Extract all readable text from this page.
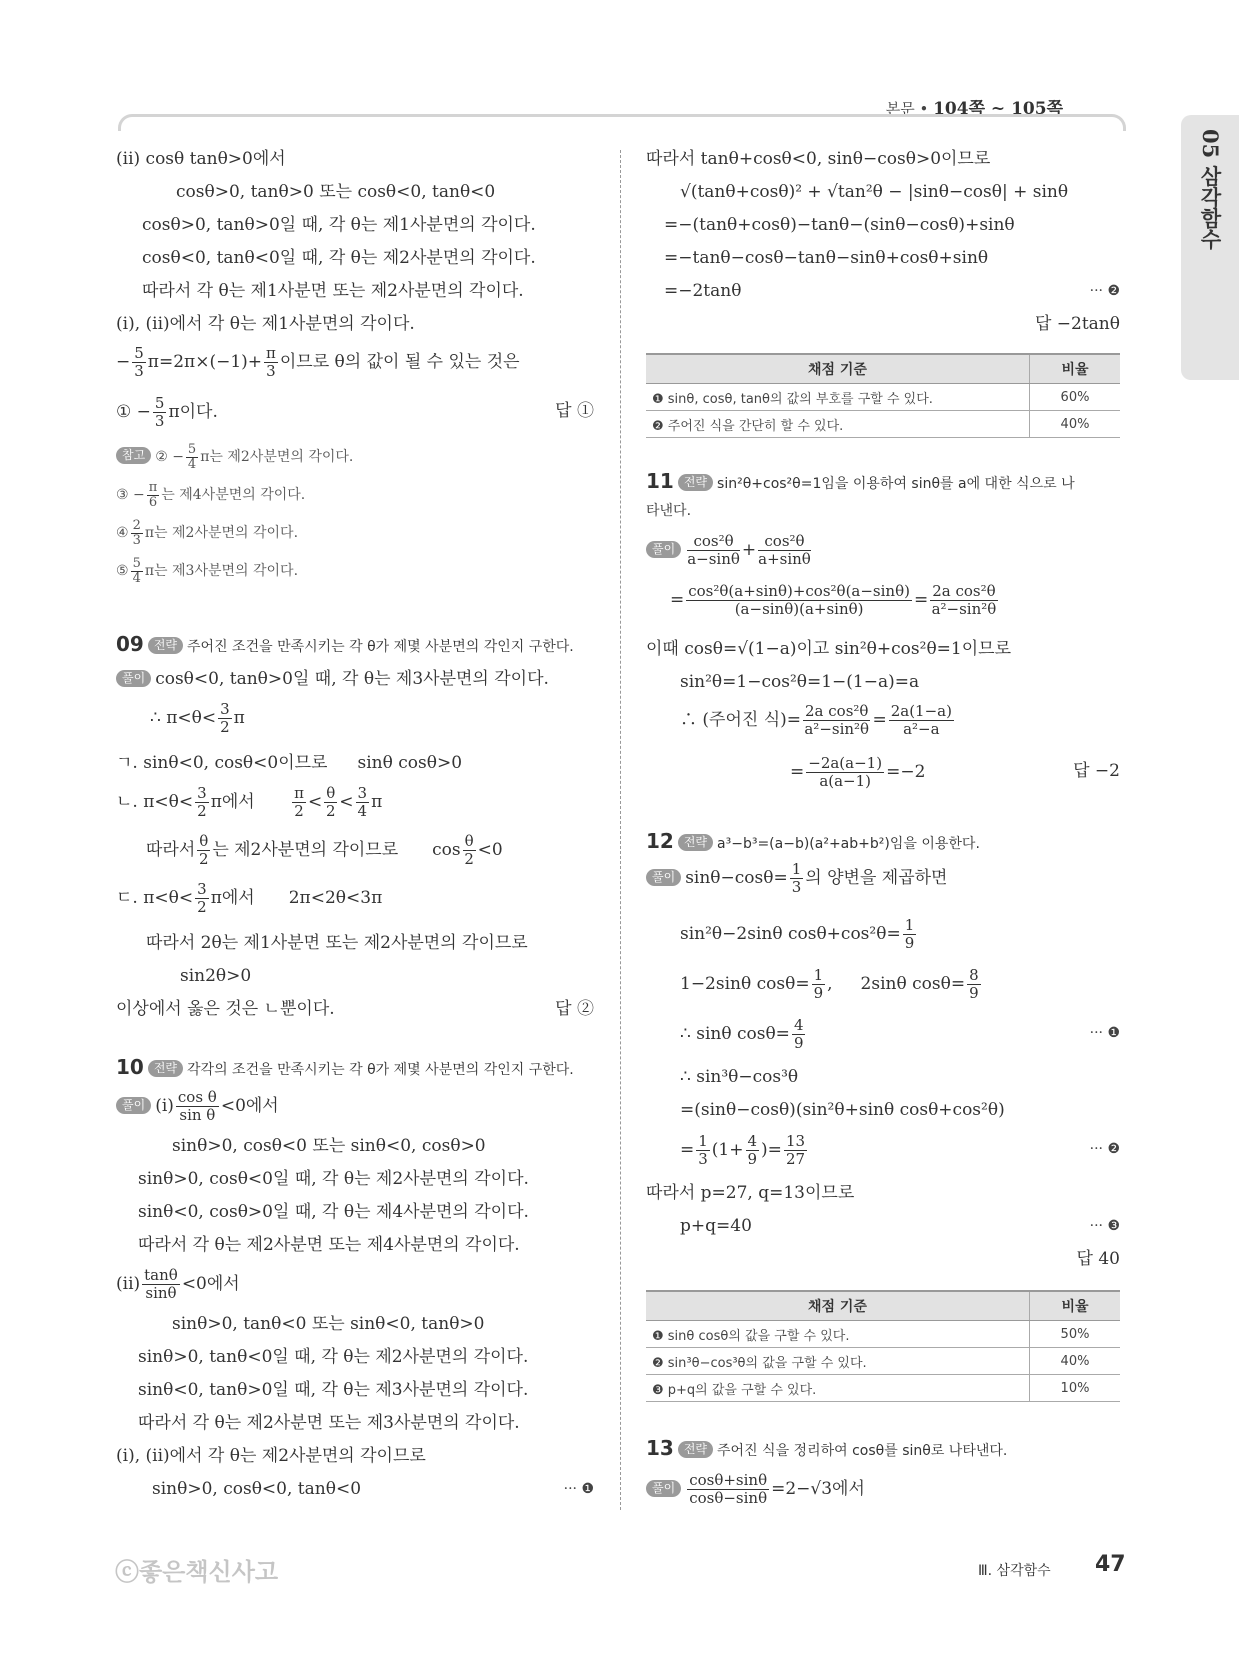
본문 • 104쪽 ~ 105쪽
05 삼각함수
(ii) cosθ tanθ>0에서
cosθ>0, tanθ>0 또는 cosθ<0, tanθ<0
cosθ>0, tanθ>0일 때, 각 θ는 제1사분면의 각이다.
cosθ<0, tanθ<0일 때, 각 θ는 제2사분면의 각이다.
따라서 각 θ는 제1사분면 또는 제2사분면의 각이다.
(i), (ii)에서 각 θ는 제1사분면의 각이다.
− $\frac{5}{3} \pi=2\pi\times(-1)+ \frac{\pi}{3}$ 이므로 θ의 값이 될 수 있는 것은
① − $\frac{5}{3}$ π이다.	답 ①
참고 ② − $\frac{5}{4}$ π는 제2사분면의 각이다.
③ − $\frac{\pi}{6}$ 는 제4사분면의 각이다.
④ $\frac{2}{3}$ π는 제2사분면의 각이다.
⑤ $\frac{5}{4}$ π는 제3사분면의 각이다.
09 전략 주어진 조건을 만족시키는 각 θ가 제몇 사분면의 각인지 구한다.
풀이 cosθ<0, tanθ>0일 때, 각 θ는 제3사분면의 각이다.
∴ $\pi<\theta< \frac{3}{2}$ π
ㄱ. sinθ<0, cosθ<0이므로 sinθ cosθ>0
ㄴ. $\pi<\theta< \frac{3}{2}$ π에서 $\frac{\pi}{2} < \frac{\theta}{2} < \frac{3}{4}$ π
따라서 $\frac{\theta}{2}$ 는 제2사분면의 각이므로 $\cos \frac{\theta}{2} <0$
ㄷ. $\pi<\theta< \frac{3}{2}$ π에서 2π<2θ<3π
따라서 2θ는 제1사분면 또는 제2사분면의 각이므로
sin2θ>0
이상에서 옳은 것은 ㄴ뿐이다.	답 ②
10 전략 각각의 조건을 만족시키는 각 θ가 제몇 사분면의 각인지 구한다.
풀이 $(i) \frac{\text{cos θ}}{\text{sin θ}} <0$에서
sinθ>0, cosθ<0 또는 sinθ<0, cosθ>0
sinθ>0, cosθ<0일 때, 각 θ는 제2사분면의 각이다.
sinθ<0, cosθ>0일 때, 각 θ는 제4사분면의 각이다.
따라서 각 θ는 제2사분면 또는 제4사분면의 각이다.
$(ii) \frac{\tan\theta}{\sin\theta} <0$에서
sinθ>0, tanθ<0 또는 sinθ<0, tanθ>0
sinθ>0, tanθ<0일 때, 각 θ는 제2사분면의 각이다.
sinθ<0, tanθ>0일 때, 각 θ는 제3사분면의 각이다.
따라서 각 θ는 제2사분면 또는 제3사분면의 각이다.
(i), (ii)에서 각 θ는 제2사분면의 각이므로
sinθ>0, cosθ<0, tanθ<0	··· ❶
따라서 tanθ+cosθ<0, sinθ−cosθ>0이므로
√(tanθ+cosθ)² + √tan²θ − |sinθ−cosθ| + sinθ
=−(tanθ+cosθ)−tanθ−(sinθ−cosθ)+sinθ
=−tanθ−cosθ−tanθ−sinθ+cosθ+sinθ
=−2tanθ	··· ❷
답 −2tanθ
채점 기준	비율
❶ sinθ, cosθ, tanθ의 값의 부호를 구할 수 있다.	60%
❷ 주어진 식을 간단히 할 수 있다.	40%
11 전략 sin²θ+cos²θ=1임을 이용하여 sinθ를 a에 대한 식으로 나
타낸다.
풀이 $\frac{\text{cos²θ}}{a-\sin\theta} + \frac{\text{cos²θ}}{a+\sin\theta}$
= $\frac{\text{cos²θ(a+sinθ)+cos²θ(a−sinθ)}}{(a-\sin\theta)(a+\sin\theta)} = \frac{\text{2a cos²θ}}{\text{a²−sin²θ}}$
이때 cosθ=√(1−a)이고 sin²θ+cos²θ=1이므로
sin²θ=1−cos²θ=1−(1−a)=a
∴ (주어진 식)= $\frac{\text{2a cos²θ}}{\text{a²−sin²θ}} = \frac{2a(1-a)}{\text{a²−a}}$
= $\frac{-2a(a-1)}{a(a-1)} =-2$	답 −2
12 전략 a³−b³=(a−b)(a²+ab+b²)임을 이용한다.
풀이 $\sin\theta-\cos\theta= \frac{1}{3}$ 의 양변을 제곱하면
sin²θ−2sinθ $\cos\theta+\cos^2\theta= \frac{1}{9}$
1−2sinθ $\cos\theta= \frac{1}{9}$ , 2sinθ $\cos\theta= \frac{8}{9}$
∴ sinθ $\cos\theta= \frac{4}{9}$	··· ❶
∴ sin³θ−cos³θ
=(sinθ−cosθ)(sin²θ+sinθ cosθ+cos²θ)
= $\frac{1}{3} (1+ \frac{4}{9}$ )= $\frac{13}{27}$	··· ❷
따라서 p=27, q=13이므로
p+q=40	··· ❸
답 40
채점 기준	비율
❶ sinθ cosθ의 값을 구할 수 있다.	50%
❷ sin³θ−cos³θ의 값을 구할 수 있다.	40%
❸ p+q의 값을 구할 수 있다.	10%
13 전략 주어진 식을 정리하여 cosθ를 sinθ로 나타낸다.
풀이 $\frac{\cos\theta+\sin\theta}{\cos\theta-\sin\theta} =2-√3$에서
ⓒ좋은책신사고	Ⅲ. 삼각함수 47
